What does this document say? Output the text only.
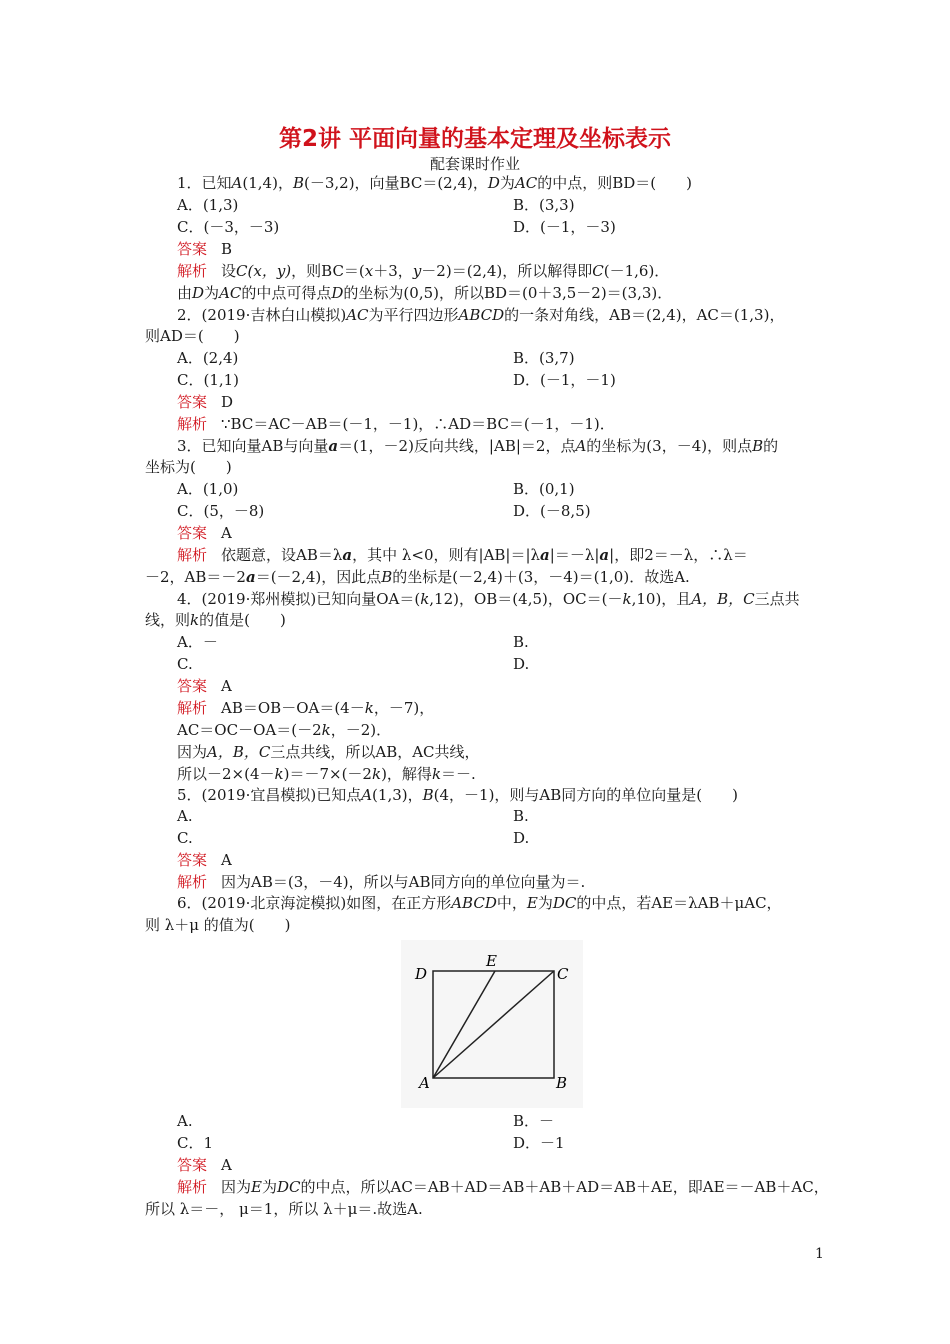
第2讲 平面向量的基本定理及坐标表示
配套课时作业
1．已知A(1,4)，B(－3,2)，向量BC＝(2,4)，D为AC的中点，则BD＝(　　)
A．(1,3)	B．(3,3)
C．(－3，－3)	D．(－1，－3)
答案 B
解析 设C(x，y)，则BC＝(x＋3，y－2)＝(2,4)，所以解得即C(－1,6)．
由D为AC的中点可得点D的坐标为(0,5)，所以BD＝(0＋3,5－2)＝(3,3)．
2．(2019·吉林白山模拟)AC为平行四边形ABCD的一条对角线，AB＝(2,4)，AC＝(1,3)，
则AD＝(　　)
A．(2,4)	B．(3,7)
C．(1,1)	D．(－1，－1)
答案 D
解析 ∵BC＝AC－AB＝(－1，－1)，∴AD＝BC＝(－1，－1)．
3．已知向量AB与向量a＝(1，－2)反向共线，|AB|＝2，点A的坐标为(3，－4)，则点B的
坐标为(　　)
A．(1,0)	B．(0,1)
C．(5，－8)	D．(－8,5)
答案 A
解析 依题意，设AB＝λa，其中 λ<0，则有|AB|＝|λa|＝－λ|a|，即2＝－λ，∴λ＝
－2，AB＝－2a＝(－2,4)，因此点B的坐标是(－2,4)＋(3，－4)＝(1,0)．故选A.
4．(2019·郑州模拟)已知向量OA＝(k,12)，OB＝(4,5)，OC＝(－k,10)，且A，B，C三点共
线，则k的值是(　　)
A．－	B.
C.	D.
答案 A
解析 AB＝OB－OA＝(4－k，－7)，
AC＝OC－OA＝(－2k，－2)．
因为A，B，C三点共线，所以AB，AC共线，
所以－2×(4－k)＝－7×(－2k)，解得k＝－.
5．(2019·宜昌模拟)已知点A(1,3)，B(4，－1)，则与AB同方向的单位向量是(　　)
A.	B.
C.	D.
答案 A
解析 因为AB＝(3，－4)，所以与AB同方向的单位向量为＝.
6．(2019·北京海淀模拟)如图，在正方形ABCD中，E为DC的中点，若AE＝λAB＋μAC，
则 λ＋μ 的值为(　　)
D
E
C
A	B
A.	B．－
C．1	D．－1
答案 A
解析 因为E为DC的中点，所以AC＝AB＋AD＝AB＋AB＋AD＝AB＋AE，即AE＝－AB＋AC，
所以 λ＝－， μ＝1，所以 λ＋μ＝.故选A.
1
